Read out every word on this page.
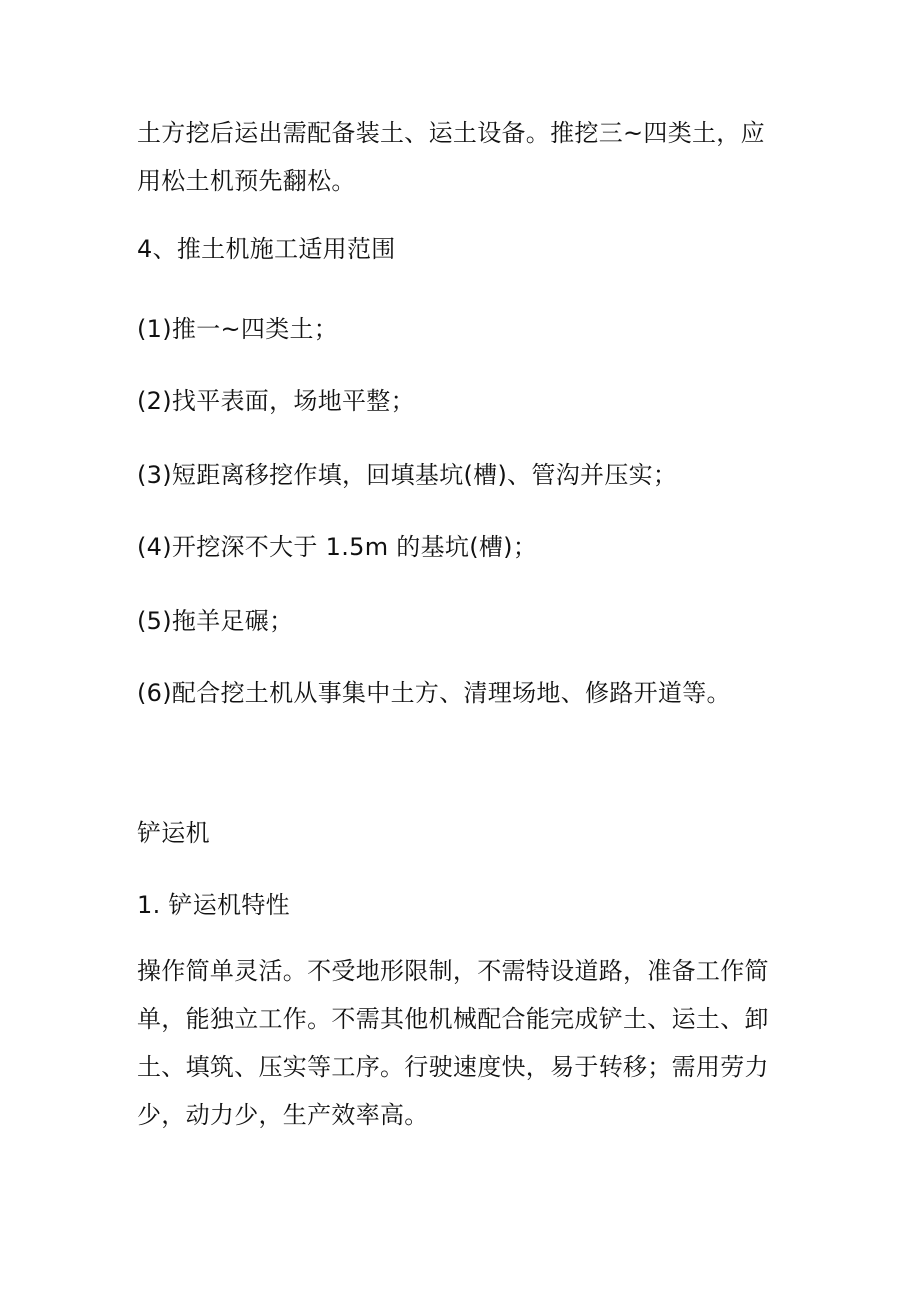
土方挖后运出需配备装土、运土设备。推挖三~四类土，应
用松土机预先翻松。

4、推土机施工适用范围

(1)推一~四类土；

(2)找平表面，场地平整；

(3)短距离移挖作填，回填基坑(槽)、管沟并压实；

(4)开挖深不大于 1.5m 的基坑(槽)；

(5)拖羊足碾；

(6)配合挖土机从事集中土方、清理场地、修路开道等。

铲运机

1. 铲运机特性

操作简单灵活。不受地形限制，不需特设道路，准备工作简
单，能独立工作。不需其他机械配合能完成铲土、运土、卸
土、填筑、压实等工序。行驶速度快，易于转移；需用劳力
少，动力少，生产效率高。
